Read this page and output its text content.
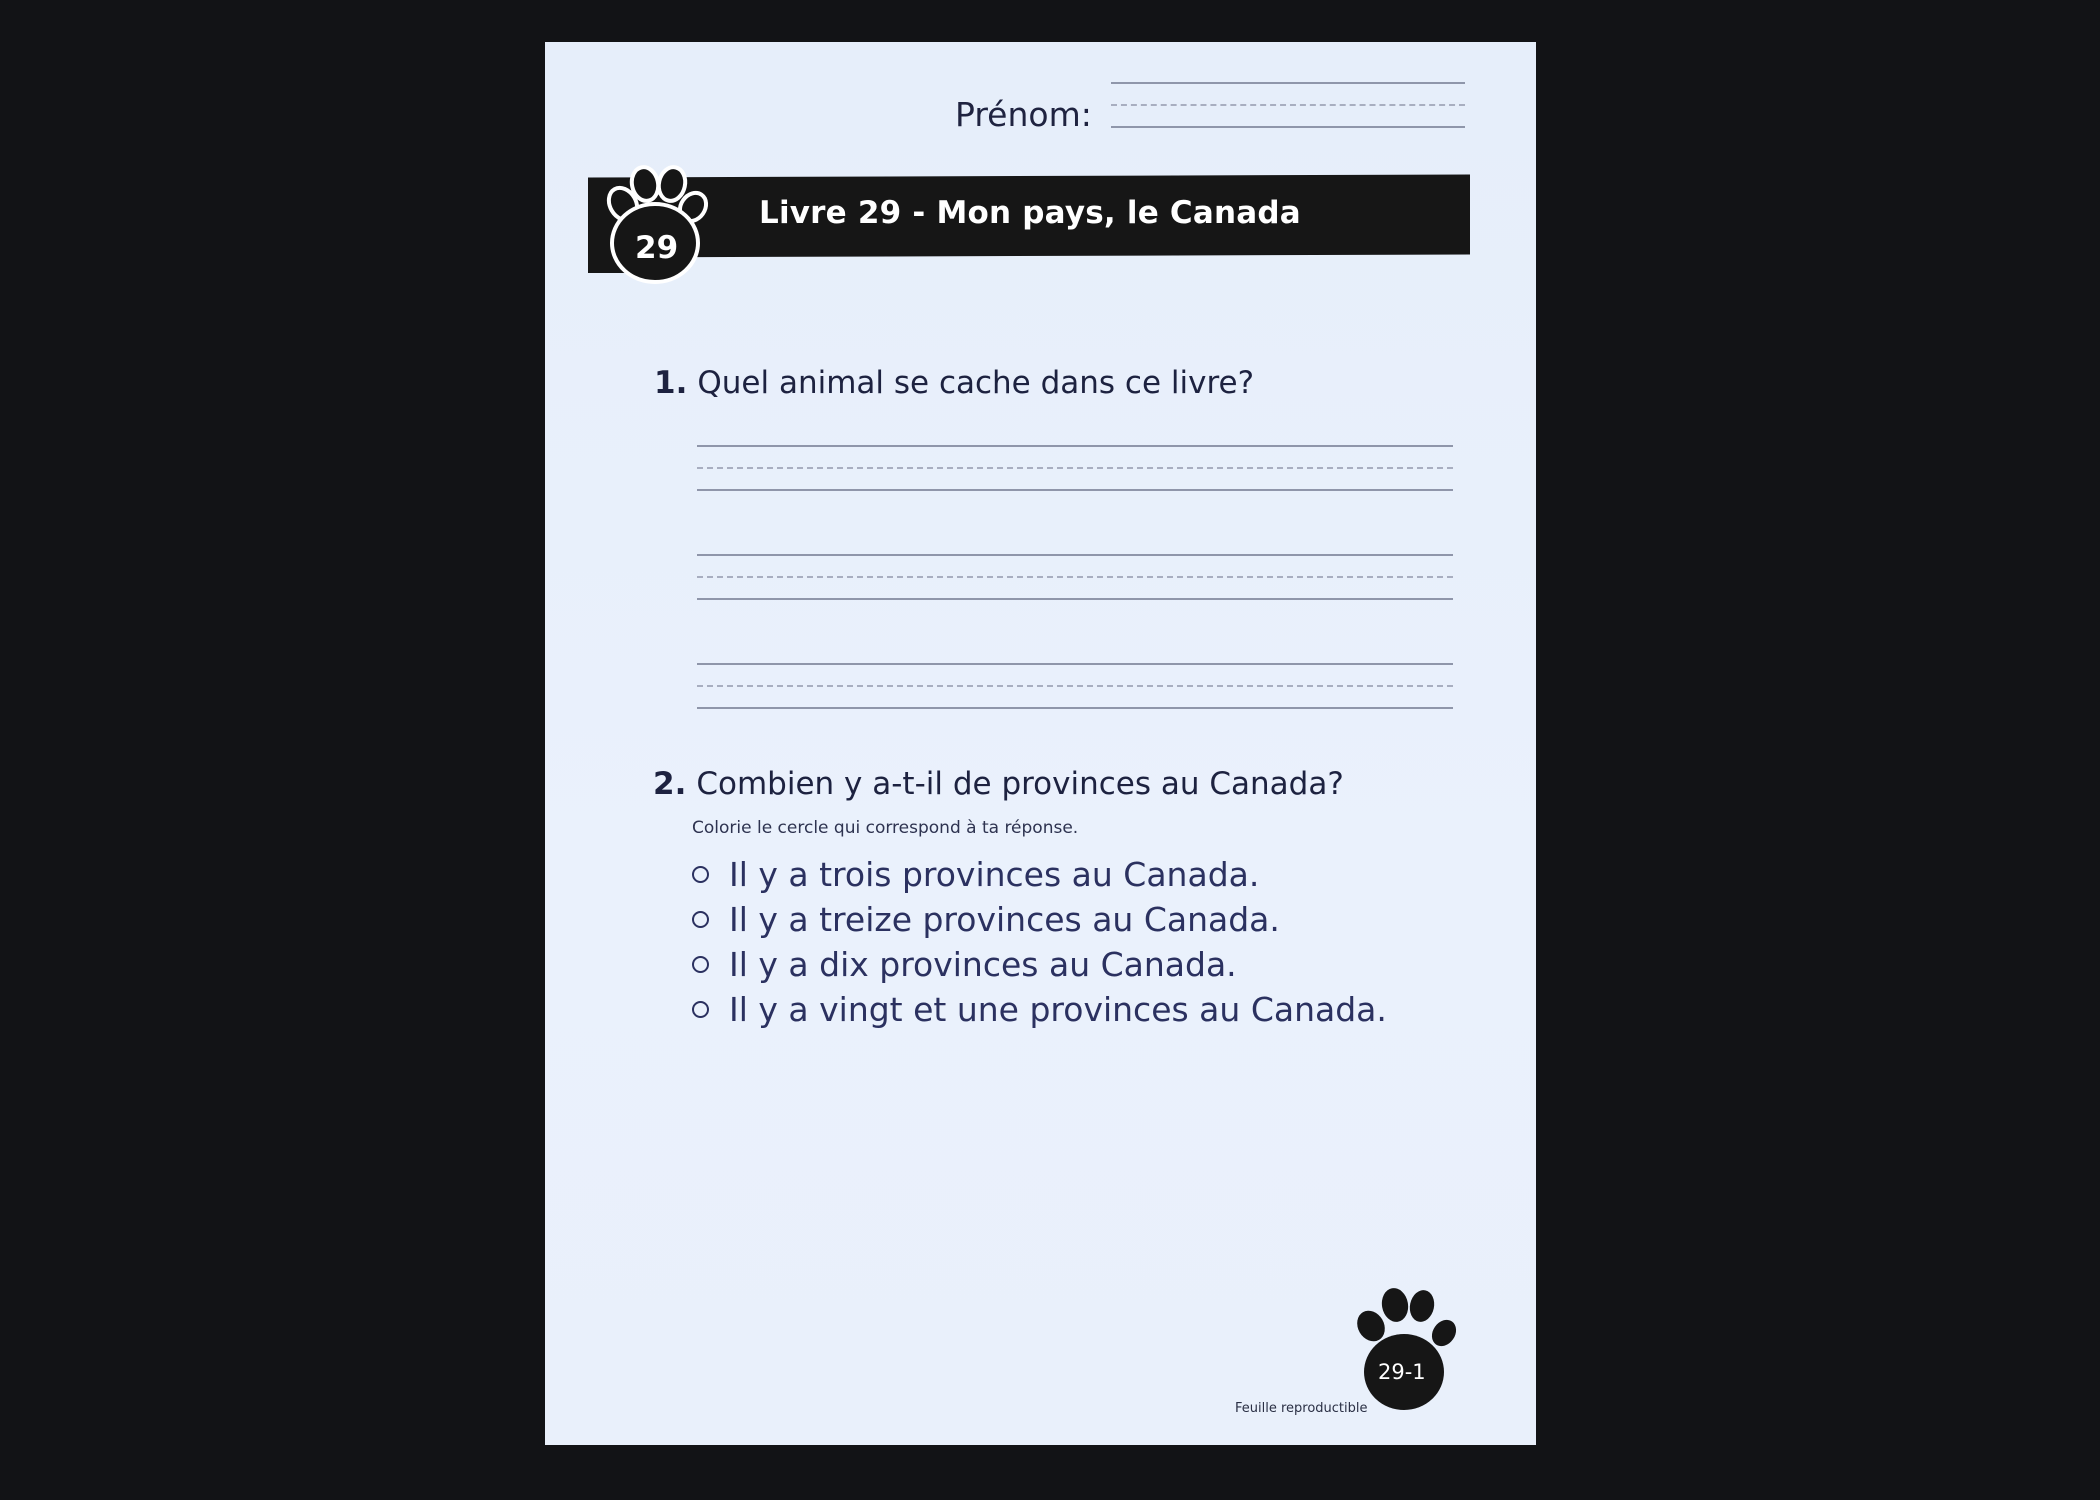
Prénom:
Livre 29 - Mon pays, le Canada
29
1. Quel animal se cache dans ce livre?
2. Combien y a-t-il de provinces au Canada?
Colorie le cercle qui correspond à ta réponse.
Il y a trois provinces au Canada.
Il y a treize provinces au Canada.
Il y a dix provinces au Canada.
Il y a vingt et une provinces au Canada.
29-1
Feuille reproductible
